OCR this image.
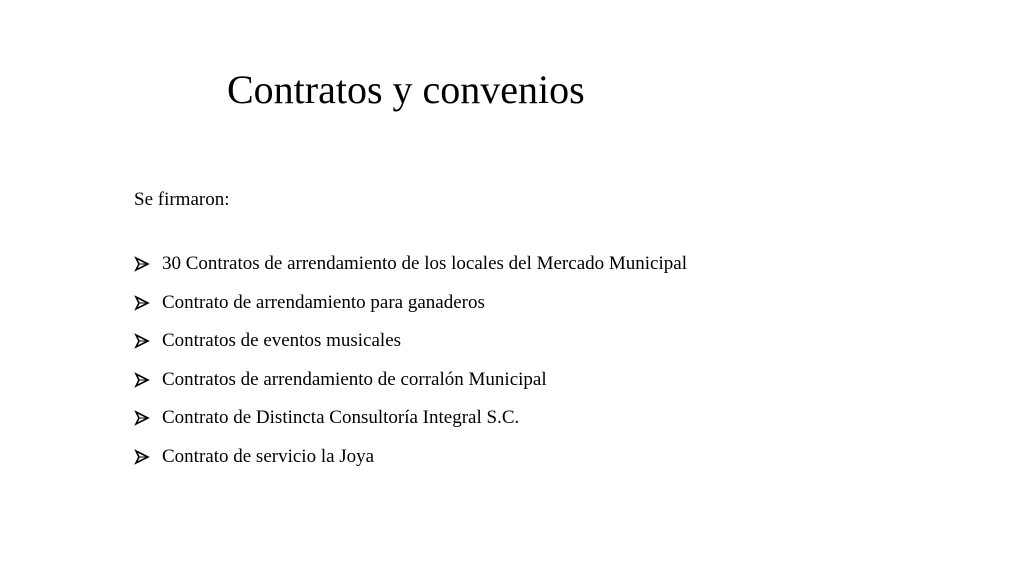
Contratos y convenios

Se firmaron:

30 Contratos de arrendamiento de los locales del Mercado Municipal
Contrato de arrendamiento para ganaderos
Contratos de eventos musicales
Contratos de arrendamiento de corralón Municipal
Contrato de Distincta Consultoría Integral S.C.
Contrato de servicio la Joya
